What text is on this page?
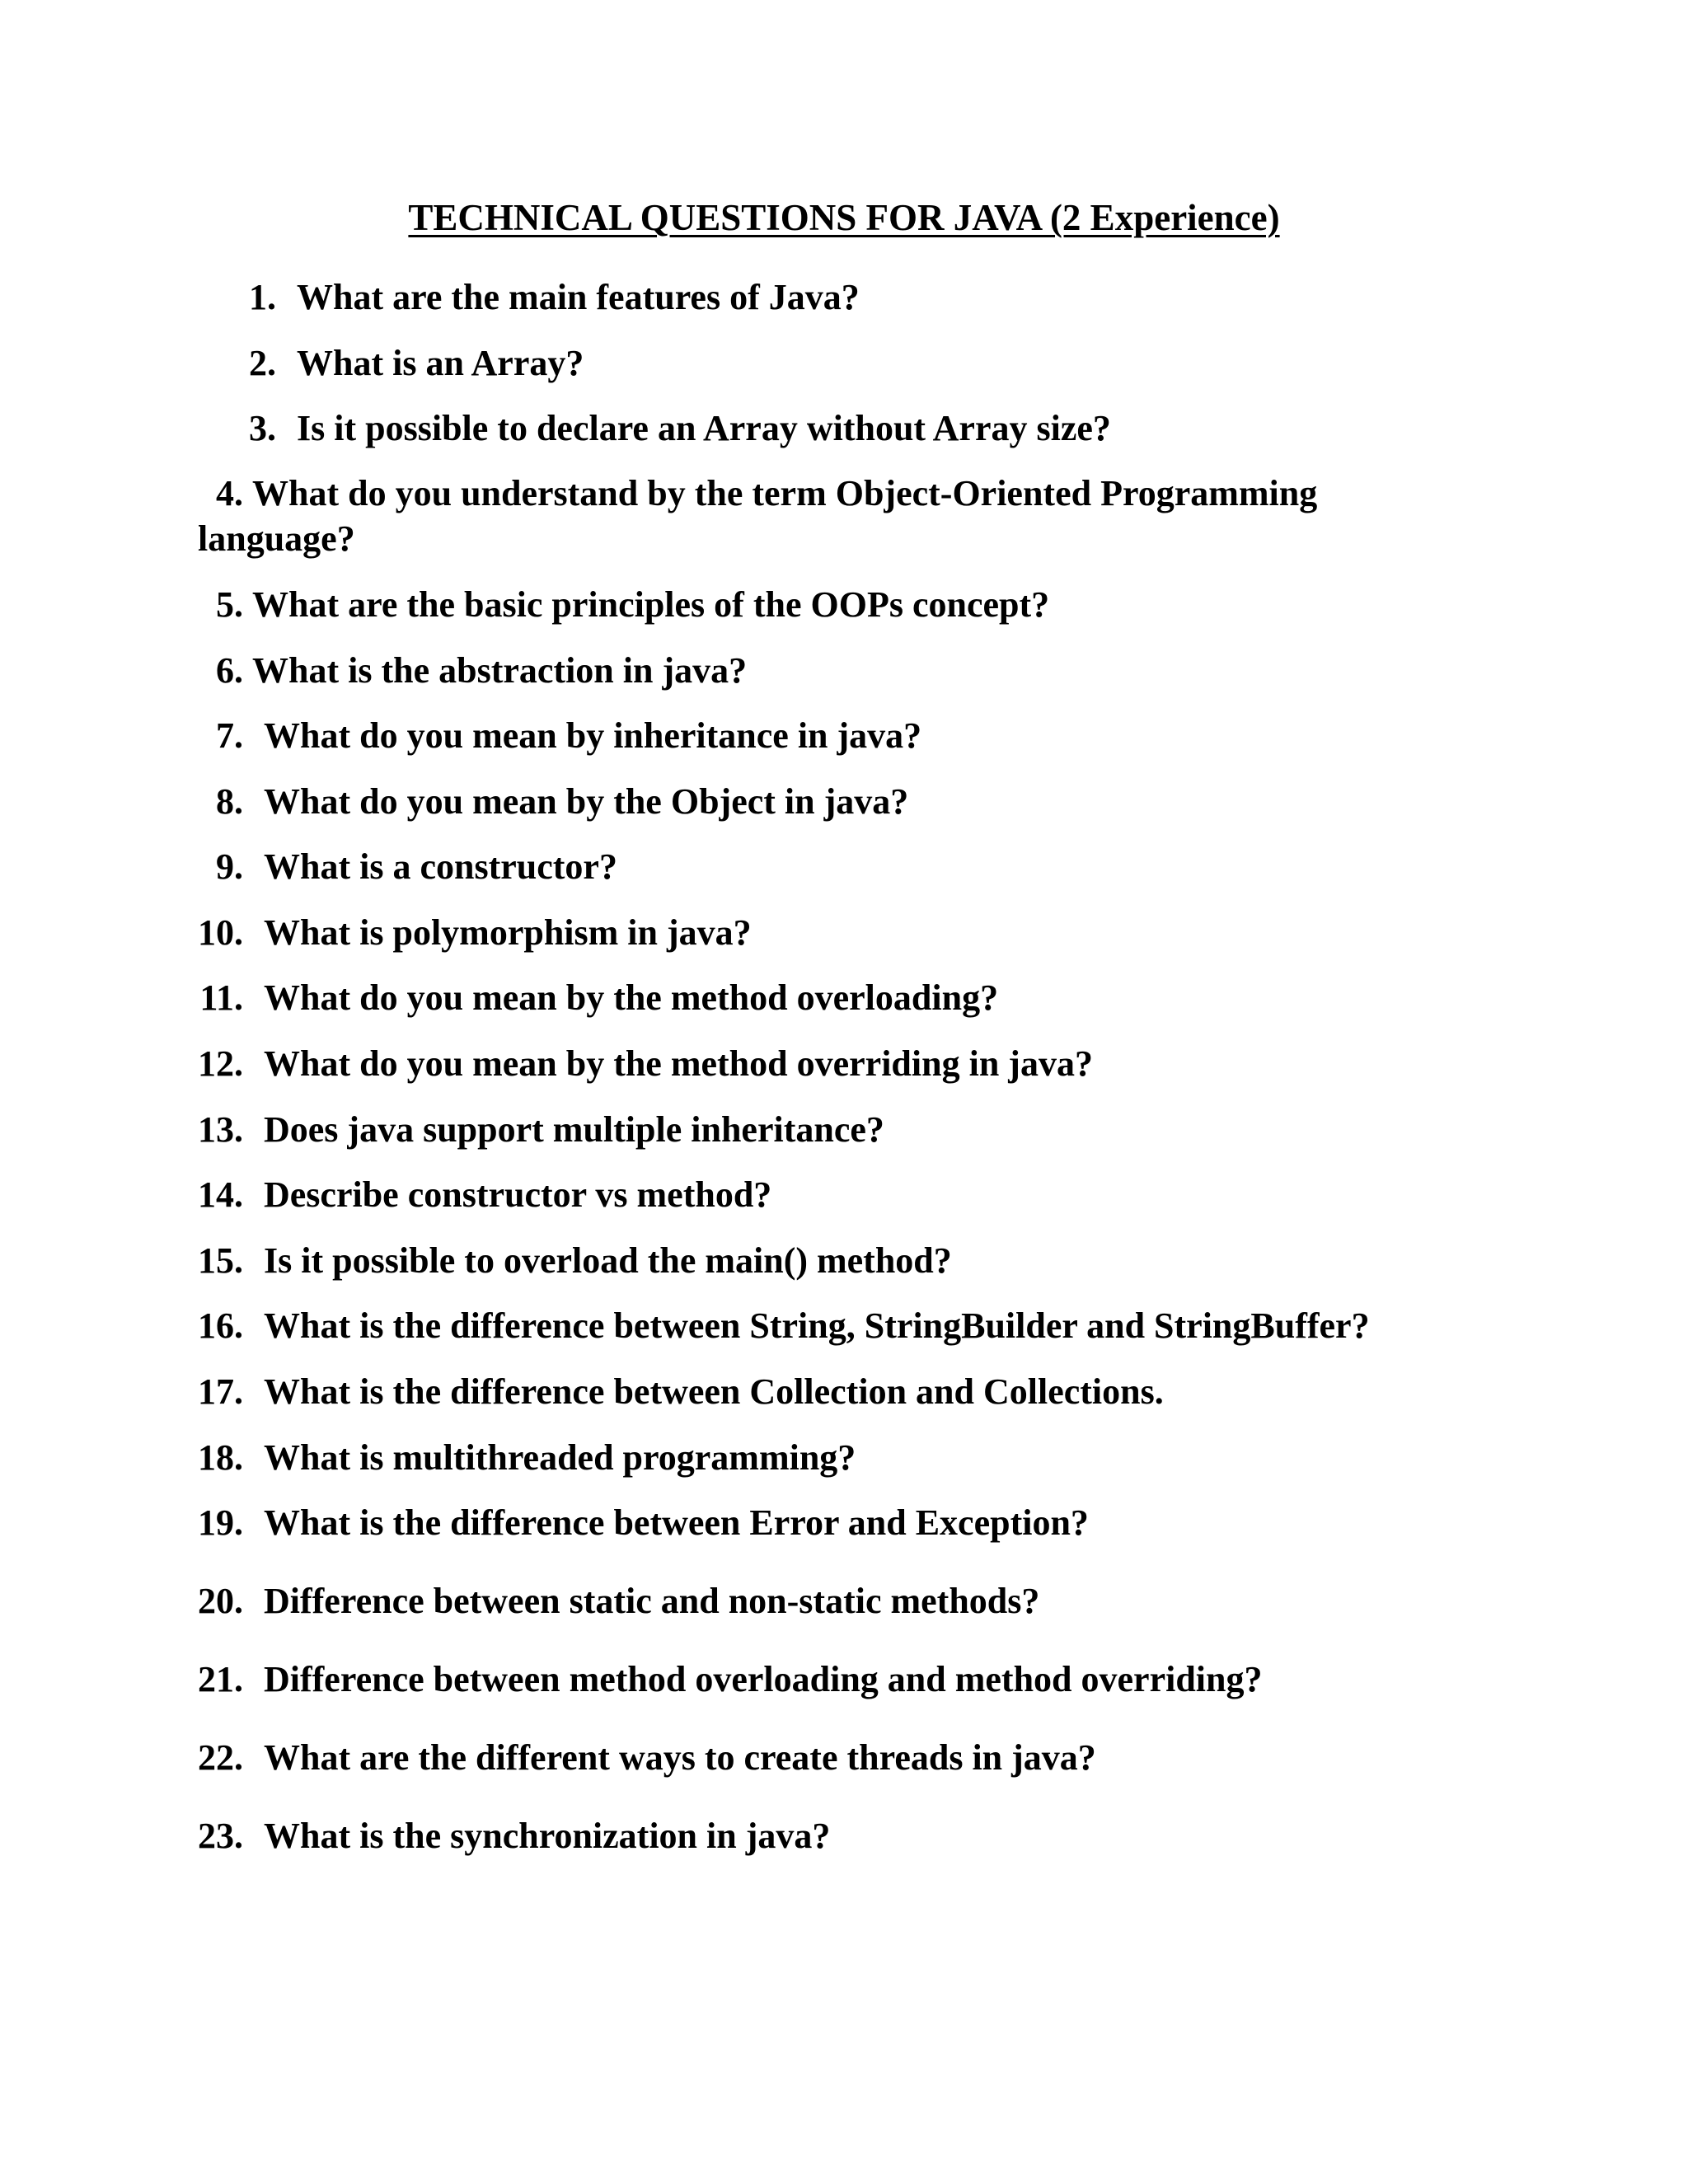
TECHNICAL QUESTIONS FOR JAVA (2 Experience)
1. What are the main features of Java?
2. What is an Array?
3. Is it possible to declare an Array without Array size?
4. What do you understand by the term Object-Oriented Programming
language?
5. What are the basic principles of the OOPs concept?
6. What is the abstraction in java?
7. What do you mean by inheritance in java?
8. What do you mean by the Object in java?
9. What is a constructor?
10. What is polymorphism in java?
11. What do you mean by the method overloading?
12. What do you mean by the method overriding in java?
13. Does java support multiple inheritance?
14. Describe constructor vs method?
15. Is it possible to overload the main() method?
16. What is the difference between String, StringBuilder and StringBuffer?
17. What is the difference between Collection and Collections.
18. What is multithreaded programming?
19. What is the difference between Error and Exception?
20. Difference between static and non-static methods?
21. Difference between method overloading and method overriding?
22. What are the different ways to create threads in java?
23. What is the synchronization in java?
